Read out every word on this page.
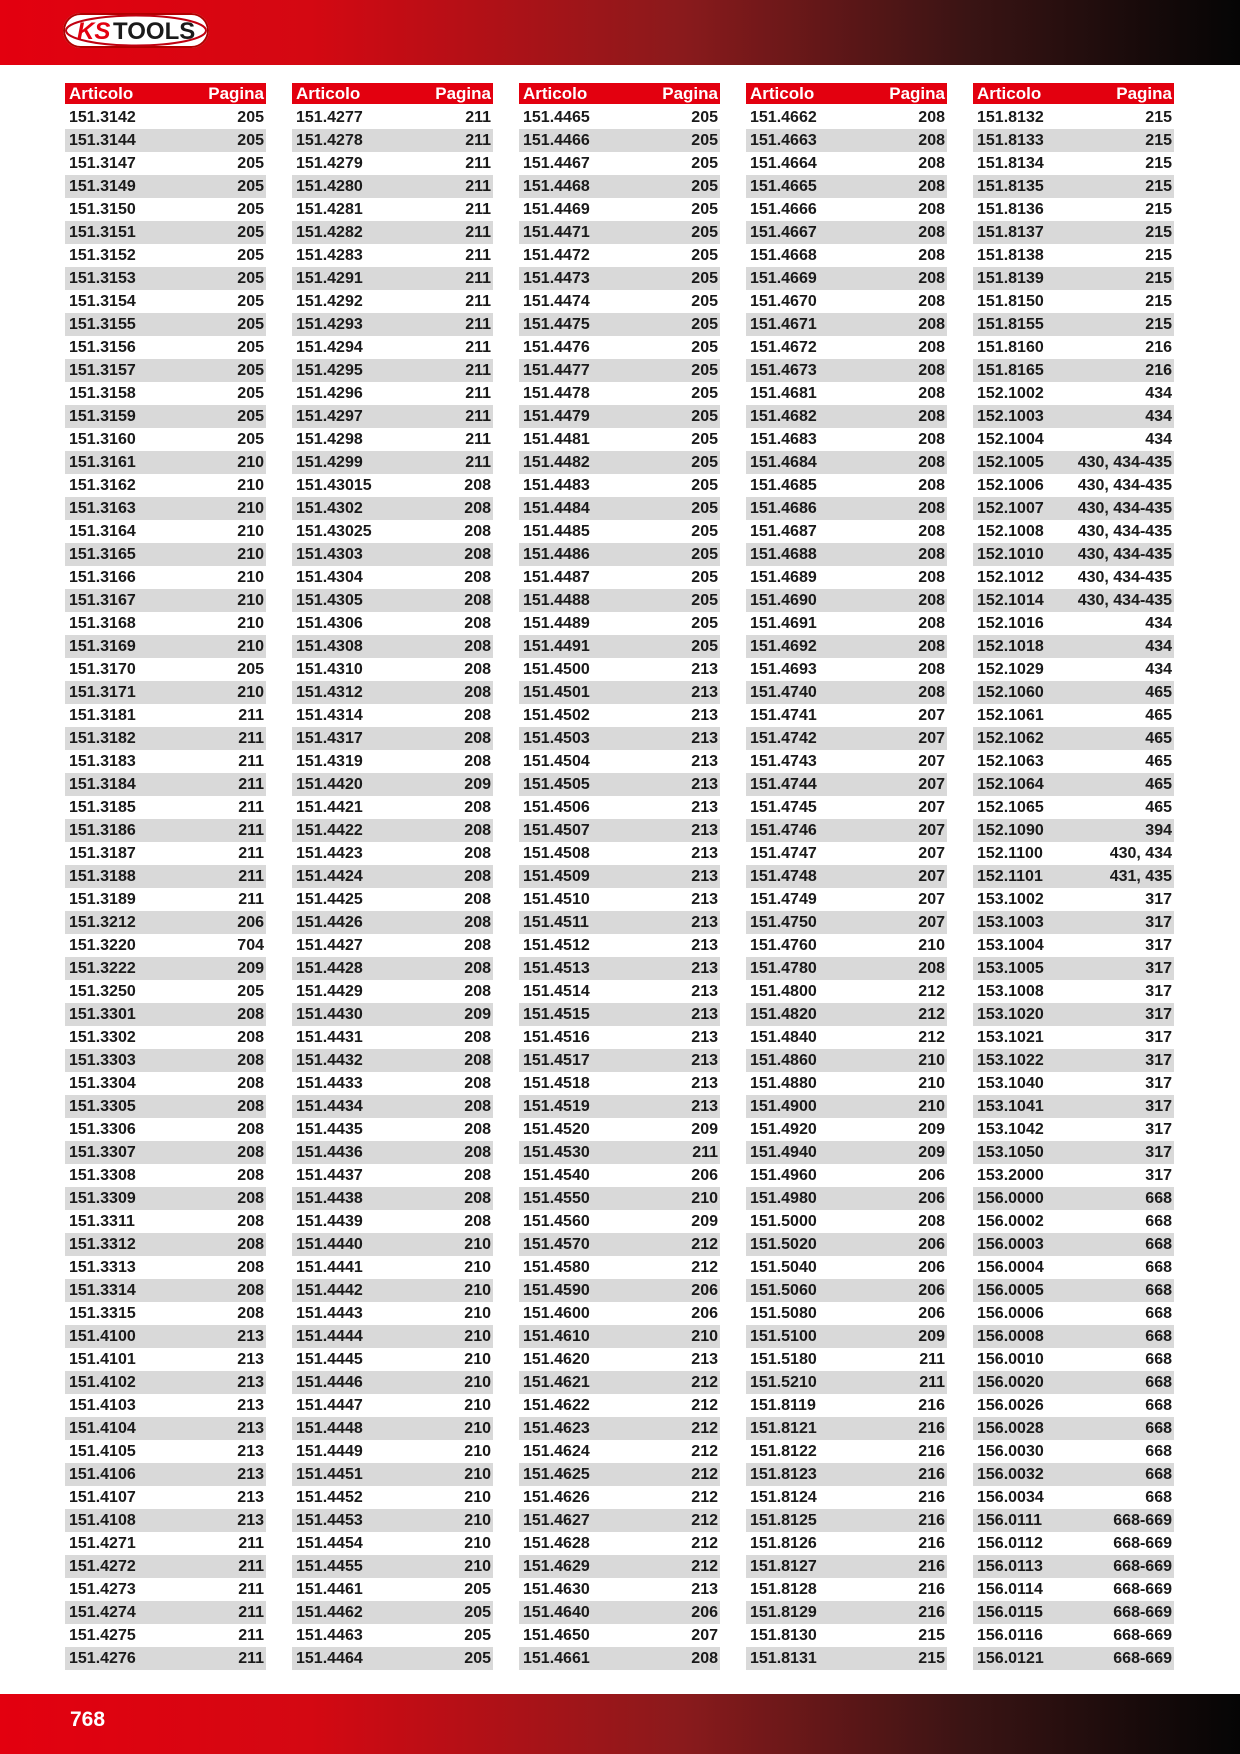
KS TOOLS
Articolo	Pagina
151.3142	205
151.3144	205
151.3147	205
151.3149	205
151.3150	205
151.3151	205
151.3152	205
151.3153	205
151.3154	205
151.3155	205
151.3156	205
151.3157	205
151.3158	205
151.3159	205
151.3160	205
151.3161	210
151.3162	210
151.3163	210
151.3164	210
151.3165	210
151.3166	210
151.3167	210
151.3168	210
151.3169	210
151.3170	205
151.3171	210
151.3181	211
151.3182	211
151.3183	211
151.3184	211
151.3185	211
151.3186	211
151.3187	211
151.3188	211
151.3189	211
151.3212	206
151.3220	704
151.3222	209
151.3250	205
151.3301	208
151.3302	208
151.3303	208
151.3304	208
151.3305	208
151.3306	208
151.3307	208
151.3308	208
151.3309	208
151.3311	208
151.3312	208
151.3313	208
151.3314	208
151.3315	208
151.4100	213
151.4101	213
151.4102	213
151.4103	213
151.4104	213
151.4105	213
151.4106	213
151.4107	213
151.4108	213
151.4271	211
151.4272	211
151.4273	211
151.4274	211
151.4275	211
151.4276	211
Articolo	Pagina
151.4277	211
151.4278	211
151.4279	211
151.4280	211
151.4281	211
151.4282	211
151.4283	211
151.4291	211
151.4292	211
151.4293	211
151.4294	211
151.4295	211
151.4296	211
151.4297	211
151.4298	211
151.4299	211
151.43015	208
151.4302	208
151.43025	208
151.4303	208
151.4304	208
151.4305	208
151.4306	208
151.4308	208
151.4310	208
151.4312	208
151.4314	208
151.4317	208
151.4319	208
151.4420	209
151.4421	208
151.4422	208
151.4423	208
151.4424	208
151.4425	208
151.4426	208
151.4427	208
151.4428	208
151.4429	208
151.4430	209
151.4431	208
151.4432	208
151.4433	208
151.4434	208
151.4435	208
151.4436	208
151.4437	208
151.4438	208
151.4439	208
151.4440	210
151.4441	210
151.4442	210
151.4443	210
151.4444	210
151.4445	210
151.4446	210
151.4447	210
151.4448	210
151.4449	210
151.4451	210
151.4452	210
151.4453	210
151.4454	210
151.4455	210
151.4461	205
151.4462	205
151.4463	205
151.4464	205
Articolo	Pagina
151.4465	205
151.4466	205
151.4467	205
151.4468	205
151.4469	205
151.4471	205
151.4472	205
151.4473	205
151.4474	205
151.4475	205
151.4476	205
151.4477	205
151.4478	205
151.4479	205
151.4481	205
151.4482	205
151.4483	205
151.4484	205
151.4485	205
151.4486	205
151.4487	205
151.4488	205
151.4489	205
151.4491	205
151.4500	213
151.4501	213
151.4502	213
151.4503	213
151.4504	213
151.4505	213
151.4506	213
151.4507	213
151.4508	213
151.4509	213
151.4510	213
151.4511	213
151.4512	213
151.4513	213
151.4514	213
151.4515	213
151.4516	213
151.4517	213
151.4518	213
151.4519	213
151.4520	209
151.4530	211
151.4540	206
151.4550	210
151.4560	209
151.4570	212
151.4580	212
151.4590	206
151.4600	206
151.4610	210
151.4620	213
151.4621	212
151.4622	212
151.4623	212
151.4624	212
151.4625	212
151.4626	212
151.4627	212
151.4628	212
151.4629	212
151.4630	213
151.4640	206
151.4650	207
151.4661	208
Articolo	Pagina
151.4662	208
151.4663	208
151.4664	208
151.4665	208
151.4666	208
151.4667	208
151.4668	208
151.4669	208
151.4670	208
151.4671	208
151.4672	208
151.4673	208
151.4681	208
151.4682	208
151.4683	208
151.4684	208
151.4685	208
151.4686	208
151.4687	208
151.4688	208
151.4689	208
151.4690	208
151.4691	208
151.4692	208
151.4693	208
151.4740	208
151.4741	207
151.4742	207
151.4743	207
151.4744	207
151.4745	207
151.4746	207
151.4747	207
151.4748	207
151.4749	207
151.4750	207
151.4760	210
151.4780	208
151.4800	212
151.4820	212
151.4840	212
151.4860	210
151.4880	210
151.4900	210
151.4920	209
151.4940	209
151.4960	206
151.4980	206
151.5000	208
151.5020	206
151.5040	206
151.5060	206
151.5080	206
151.5100	209
151.5180	211
151.5210	211
151.8119	216
151.8121	216
151.8122	216
151.8123	216
151.8124	216
151.8125	216
151.8126	216
151.8127	216
151.8128	216
151.8129	216
151.8130	215
151.8131	215
Articolo	Pagina
151.8132	215
151.8133	215
151.8134	215
151.8135	215
151.8136	215
151.8137	215
151.8138	215
151.8139	215
151.8150	215
151.8155	215
151.8160	216
151.8165	216
152.1002	434
152.1003	434
152.1004	434
152.1005 430, 434-435
152.1006 430, 434-435
152.1007 430, 434-435
152.1008 430, 434-435
152.1010 430, 434-435
152.1012 430, 434-435
152.1014 430, 434-435
152.1016	434
152.1018	434
152.1029	434
152.1060	465
152.1061	465
152.1062	465
152.1063	465
152.1064	465
152.1065	465
152.1090	394
152.1100	430, 434
152.1101	431, 435
153.1002	317
153.1003	317
153.1004	317
153.1005	317
153.1008	317
153.1020	317
153.1021	317
153.1022	317
153.1040	317
153.1041	317
153.1042	317
153.1050	317
153.2000	317
156.0000	668
156.0002	668
156.0003	668
156.0004	668
156.0005	668
156.0006	668
156.0008	668
156.0010	668
156.0020	668
156.0026	668
156.0028	668
156.0030	668
156.0032	668
156.0034	668
156.0111	668-669
156.0112	668-669
156.0113	668-669
156.0114	668-669
156.0115	668-669
156.0116	668-669
156.0121	668-669
768
